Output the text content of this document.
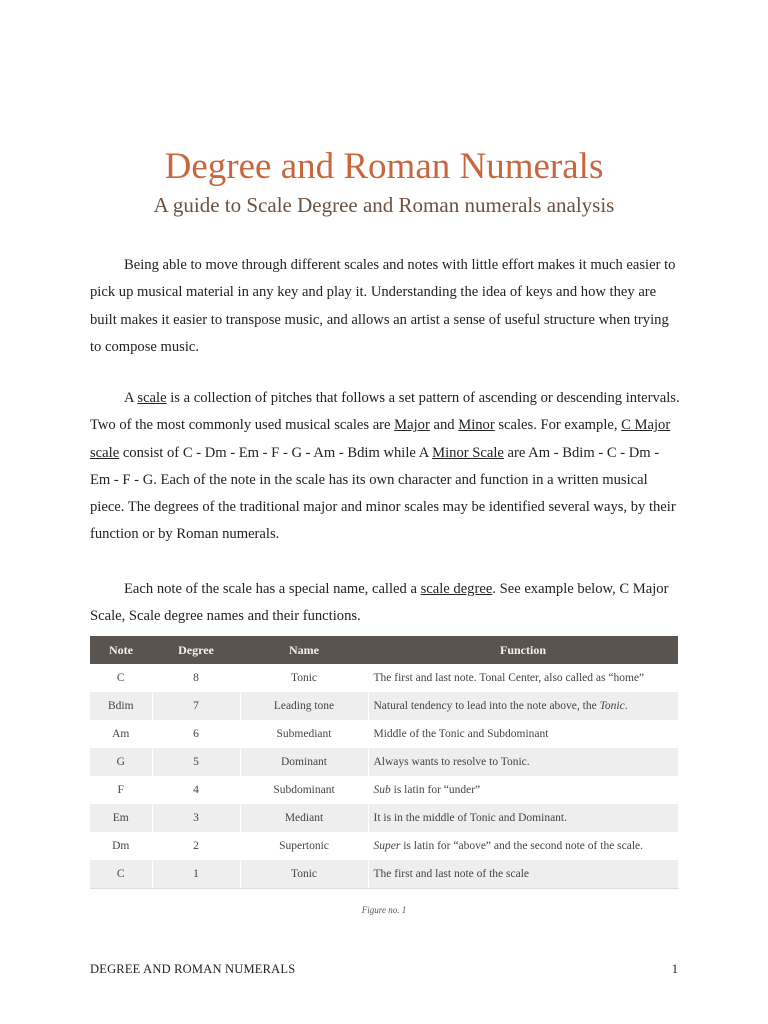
Degree and Roman Numerals
A guide to Scale Degree and Roman numerals analysis

Being able to move through different scales and notes with little effort makes it much easier to pick up musical material in any key and play it. Understanding the idea of keys and how they are built makes it easier to transpose music, and allows an artist a sense of useful structure when trying to compose music.

A scale is a collection of pitches that follows a set pattern of ascending or descending intervals. Two of the most commonly used musical scales are Major and Minor scales. For example, C Major scale consist of C - Dm - Em - F - G - Am - Bdim while A Minor Scale are Am - Bdim - C - Dm - Em - F - G. Each of the note in the scale has its own character and function in a written musical piece. The degrees of the traditional major and minor scales may be identified several ways, by their function or by Roman numerals.

Each note of the scale has a special name, called a scale degree. See example below, C Major Scale, Scale degree names and their functions.

Note	Degree	Name	Function
C	8	Tonic	The first and last note. Tonal Center, also called as “home”
Bdim	7	Leading tone	Natural tendency to lead into the note above, the Tonic.
Am	6	Submediant	Middle of the Tonic and Subdominant
G	5	Dominant	Always wants to resolve to Tonic.
F	4	Subdominant	Sub is latin for “under”
Em	3	Mediant	It is in the middle of Tonic and Dominant.
Dm	2	Supertonic	Super is latin for “above” and the second note of the scale.
C	1	Tonic	The first and last note of the scale
Figure no. 1
DEGREE AND ROMAN NUMERALS	1
